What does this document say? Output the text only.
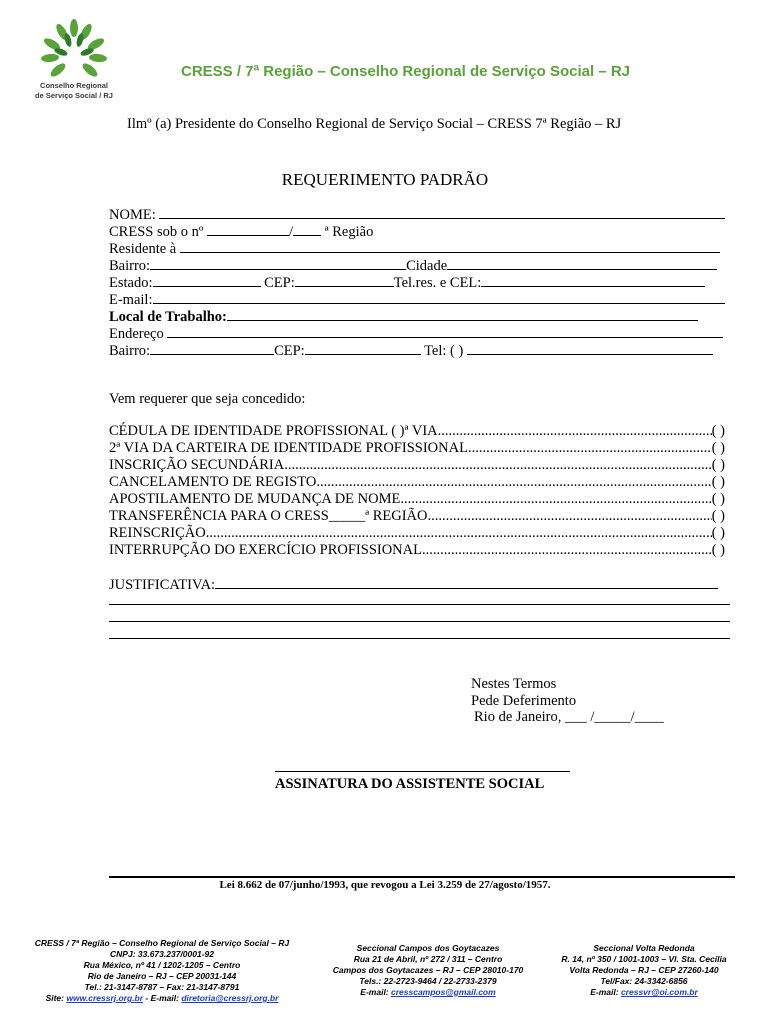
Conselho Regional
de Serviço Social / RJ
CRESS / 7ª Região – Conselho Regional de Serviço Social – RJ
Ilmº (a) Presidente do Conselho Regional de Serviço Social – CRESS 7ª Região – RJ
REQUERIMENTO PADRÃO
NOME:
CRESS sob o nº	/ ª Região
Residente à
Bairro:	Cidade
Estado:	CEP:	Tel.res. e CEL:
E-mail:
Local de Trabalho:
Endereço
Bairro:	CEP:	Tel: ( )
Vem requerer que seja concedido:
CÉDULA DE IDENTIDADE PROFISSIONAL ( )ª VIA .....	( )
2ª VIA DA CARTEIRA DE IDENTIDADE PROFISSIONAL .....	( )
INSCRIÇÃO SECUNDÁRIA .....	( )
CANCELAMENTO DE REGISTO .....	( )
APOSTILAMENTO DE MUDANÇA DE NOME .....	( )
TRANSFERÊNCIA PARA O CRESS_____ª REGIÃO .....	( )
REINSCRIÇÃO .....	( )
INTERRUPÇÃO DO EXERCÍCIO PROFISSIONAL .....	( )
JUSTIFICATIVA:
Nestes Termos
Pede Deferimento
Rio de Janeiro, ___ /_____/____
ASSINATURA DO ASSISTENTE SOCIAL
Lei 8.662 de 07/junho/1993, que revogou a Lei 3.259 de 27/agosto/1957.
CRESS / 7ª Região – Conselho Regional de Serviço Social – RJ
CNPJ: 33.673.237/0001-92
Rua México, nº 41 / 1202-1205 – Centro
Rio de Janeiro – RJ – CEP 20031-144
Tel.: 21-3147-8787 – Fax: 21-3147-8791
Site: www.cressrj.org.br - E-mail: diretoria@cressrj.org.br
Seccional Campos dos Goytacazes
Rua 21 de Abril, nº 272 / 311 – Centro
Campos dos Goytacazes – RJ – CEP 28010-170
Tels.: 22-2723-9464 / 22-2733-2379
E-mail: cresscampos@gmail.com
Seccional Volta Redonda
R. 14, nº 350 / 1001-1003 – Vl. Sta. Cecília
Volta Redonda – RJ – CEP 27260-140
Tel/Fax: 24-3342-6856
E-mail: cressvr@oi.com.br
